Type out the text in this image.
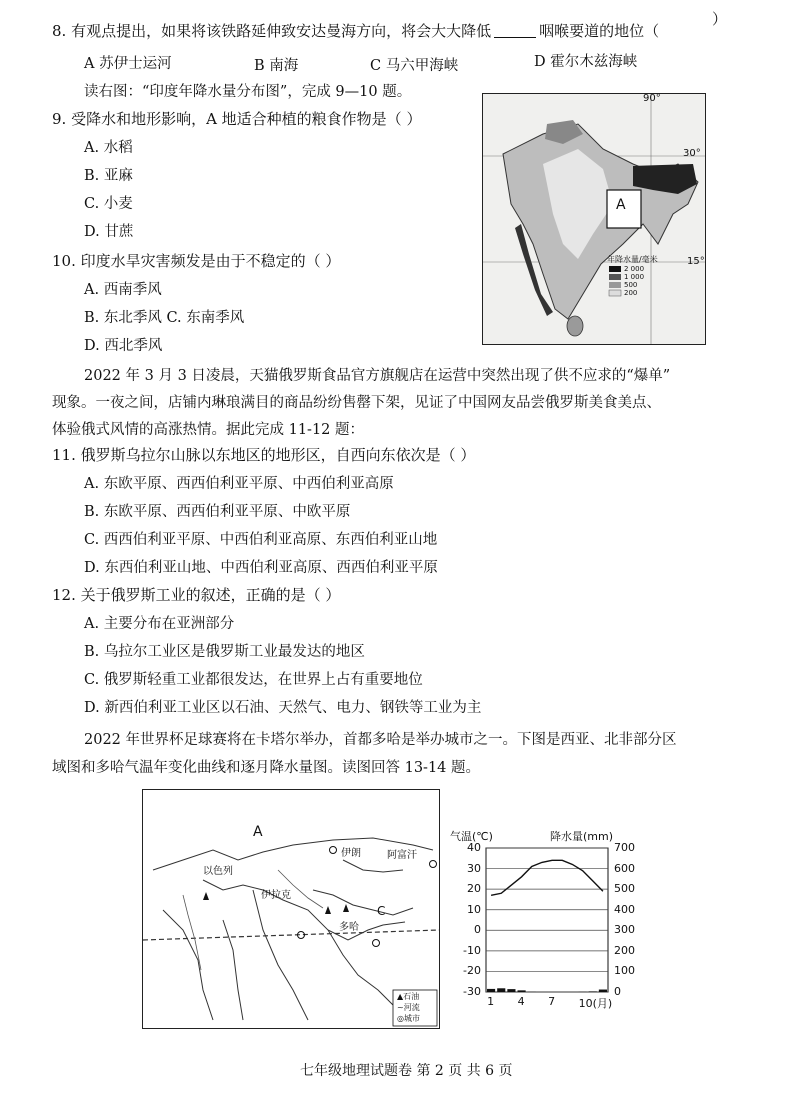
8. 有观点提出，如果将该铁路延伸致安达曼海方向，将会大大降低	咽喉要道的地位（
）
A 苏伊士运河	B 南海	C 马六甲海峡	D 霍尔木兹海峡
读右图：“印度年降水量分布图”，完成 9—10 题。
9. 受降水和地形影响，A 地适合种植的粮食作物是（ ）
A. 水稻
B. 亚麻
C. 小麦
D. 甘蔗
10. 印度水旱灾害频发是由于不稳定的（ ）
A. 西南季风
B. 东北季风 C. 东南季风
D. 西北季风
A
90°
30°
15°
年降水量/毫米
2 000
1 000
500
200
2022 年 3 月 3 日凌晨，天猫俄罗斯食品官方旗舰店在运营中突然出现了供不应求的“爆单”
现象。一夜之间，店铺内琳琅满目的商品纷纷售罄下架，见证了中国网友品尝俄罗斯美食美点、
体验俄式风情的高涨热情。据此完成 11-12 题：
11. 俄罗斯乌拉尔山脉以东地区的地形区，自西向东依次是（ ）
A. 东欧平原、西西伯利亚平原、中西伯利亚高原
B. 东欧平原、西西伯利亚平原、中欧平原
C. 西西伯利亚平原、中西伯利亚高原、东西伯利亚山地
D. 东西伯利亚山地、中西伯利亚高原、西西伯利亚平原
12. 关于俄罗斯工业的叙述，正确的是（ ）
A. 主要分布在亚洲部分
B. 乌拉尔工业区是俄罗斯工业最发达的地区
C. 俄罗斯轻重工业都很发达，在世界上占有重要地位
D. 新西伯利亚工业区以石油、天然气、电力、钢铁等工业为主
2022 年世界杯足球赛将在卡塔尔举办，首都多哈是举办城市之一。下图是西亚、北非部分区
域图和多哈气温年变化曲线和逐月降水量图。读图回答 13-14 题。
A
C
以色列
伊拉克
伊朗	阿富汗
多哈
▲石油
~河流
◎城市
气温(℃)	降水量(mm)
40
30
20
10
0
-10
-20
-30
700
600
500
400
300
200
100
0
1 4 7 10(月)
七年级地理试题卷 第 2 页 共 6 页
